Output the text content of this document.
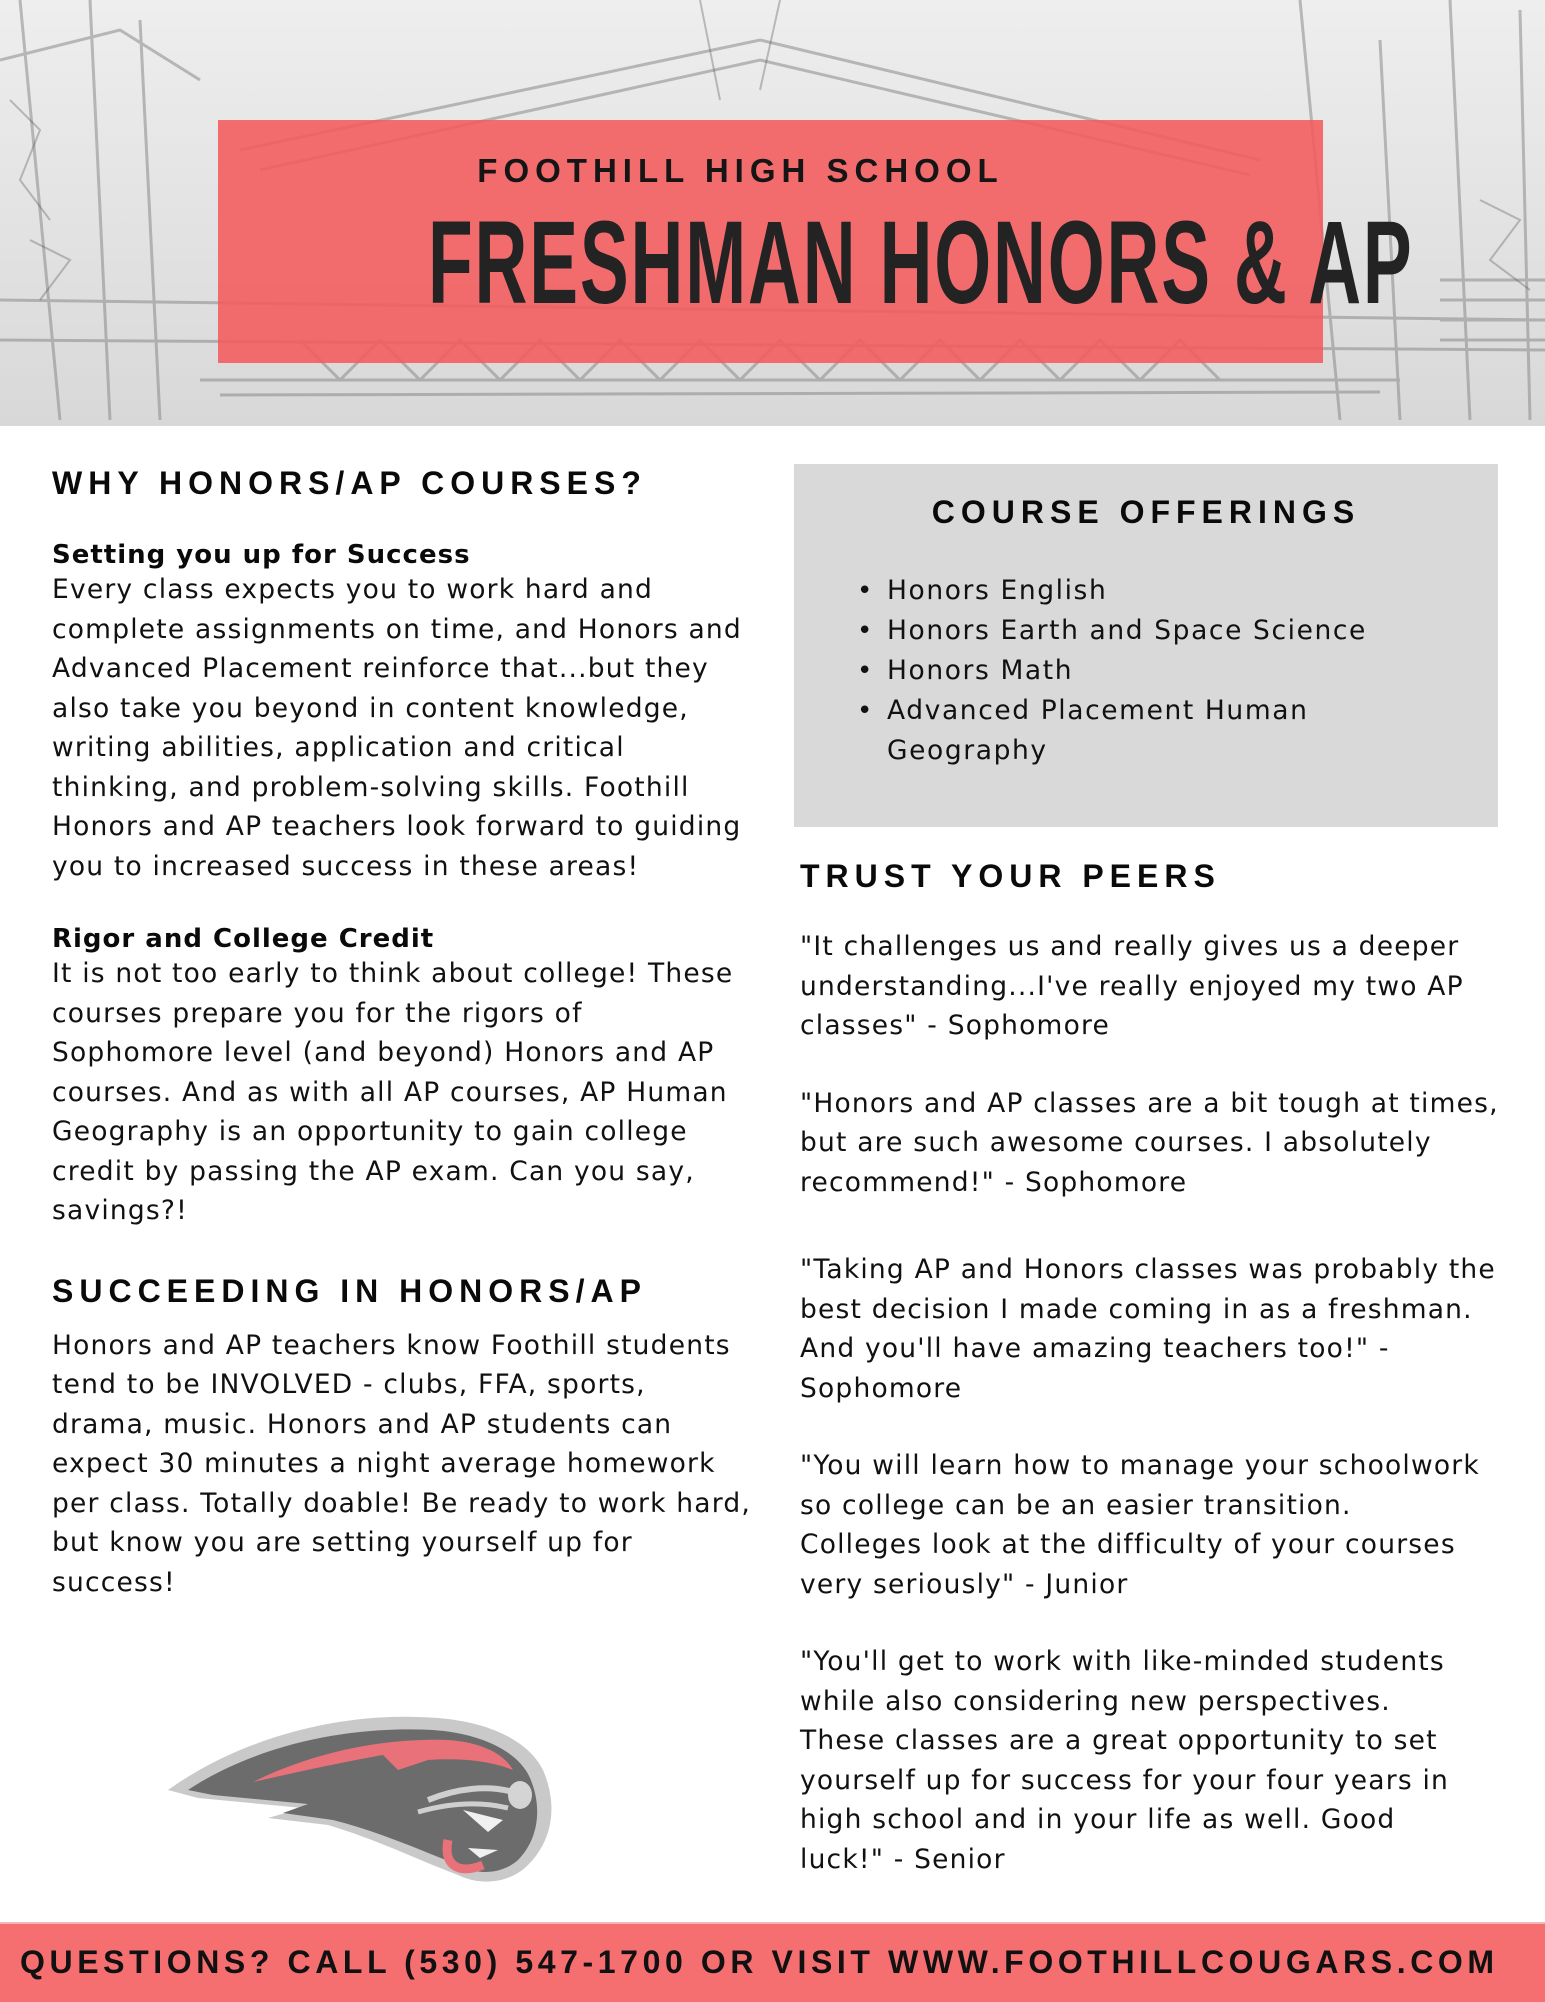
FOOTHILL HIGH SCHOOL
FRESHMAN HONORS & AP
WHY HONORS/AP COURSES?

Setting you up for Success

Every class expects you to work hard and complete assignments on time, and Honors and Advanced Placement reinforce that...but they also take you beyond in content knowledge, writing abilities, application and critical thinking, and problem-solving skills. Foothill Honors and AP teachers look forward to guiding you to increased success in these areas!

Rigor and College Credit

It is not too early to think about college! These courses prepare you for the rigors of Sophomore level (and beyond) Honors and AP courses. And as with all AP courses, AP Human Geography is an opportunity to gain college credit by passing the AP exam. Can you say, savings?!

SUCCEEDING IN HONORS/AP

Honors and AP teachers know Foothill students tend to be INVOLVED - clubs, FFA, sports, drama, music. Honors and AP students can expect 30 minutes a night average homework per class. Totally doable! Be ready to work hard, but know you are setting yourself up for success!

COURSE OFFERINGS
• Honors English
• Honors Earth and Space Science
• Honors Math
• Advanced Placement Human Geography
TRUST YOUR PEERS

"It challenges us and really gives us a deeper understanding...I've really enjoyed my two AP classes" - Sophomore

"Honors and AP classes are a bit tough at times, but are such awesome courses. I absolutely recommend!" - Sophomore

"Taking AP and Honors classes was probably the best decision I made coming in as a freshman. And you'll have amazing teachers too!" - Sophomore

"You will learn how to manage your schoolwork so college can be an easier transition. Colleges look at the difficulty of your courses very seriously" - Junior

"You'll get to work with like-minded students while also considering new perspectives. These classes are a great opportunity to set yourself up for success for your four years in high school and in your life as well. Good luck!" - Senior

QUESTIONS? CALL (530) 547-1700 OR VISIT WWW.FOOTHILLCOUGARS.COM
